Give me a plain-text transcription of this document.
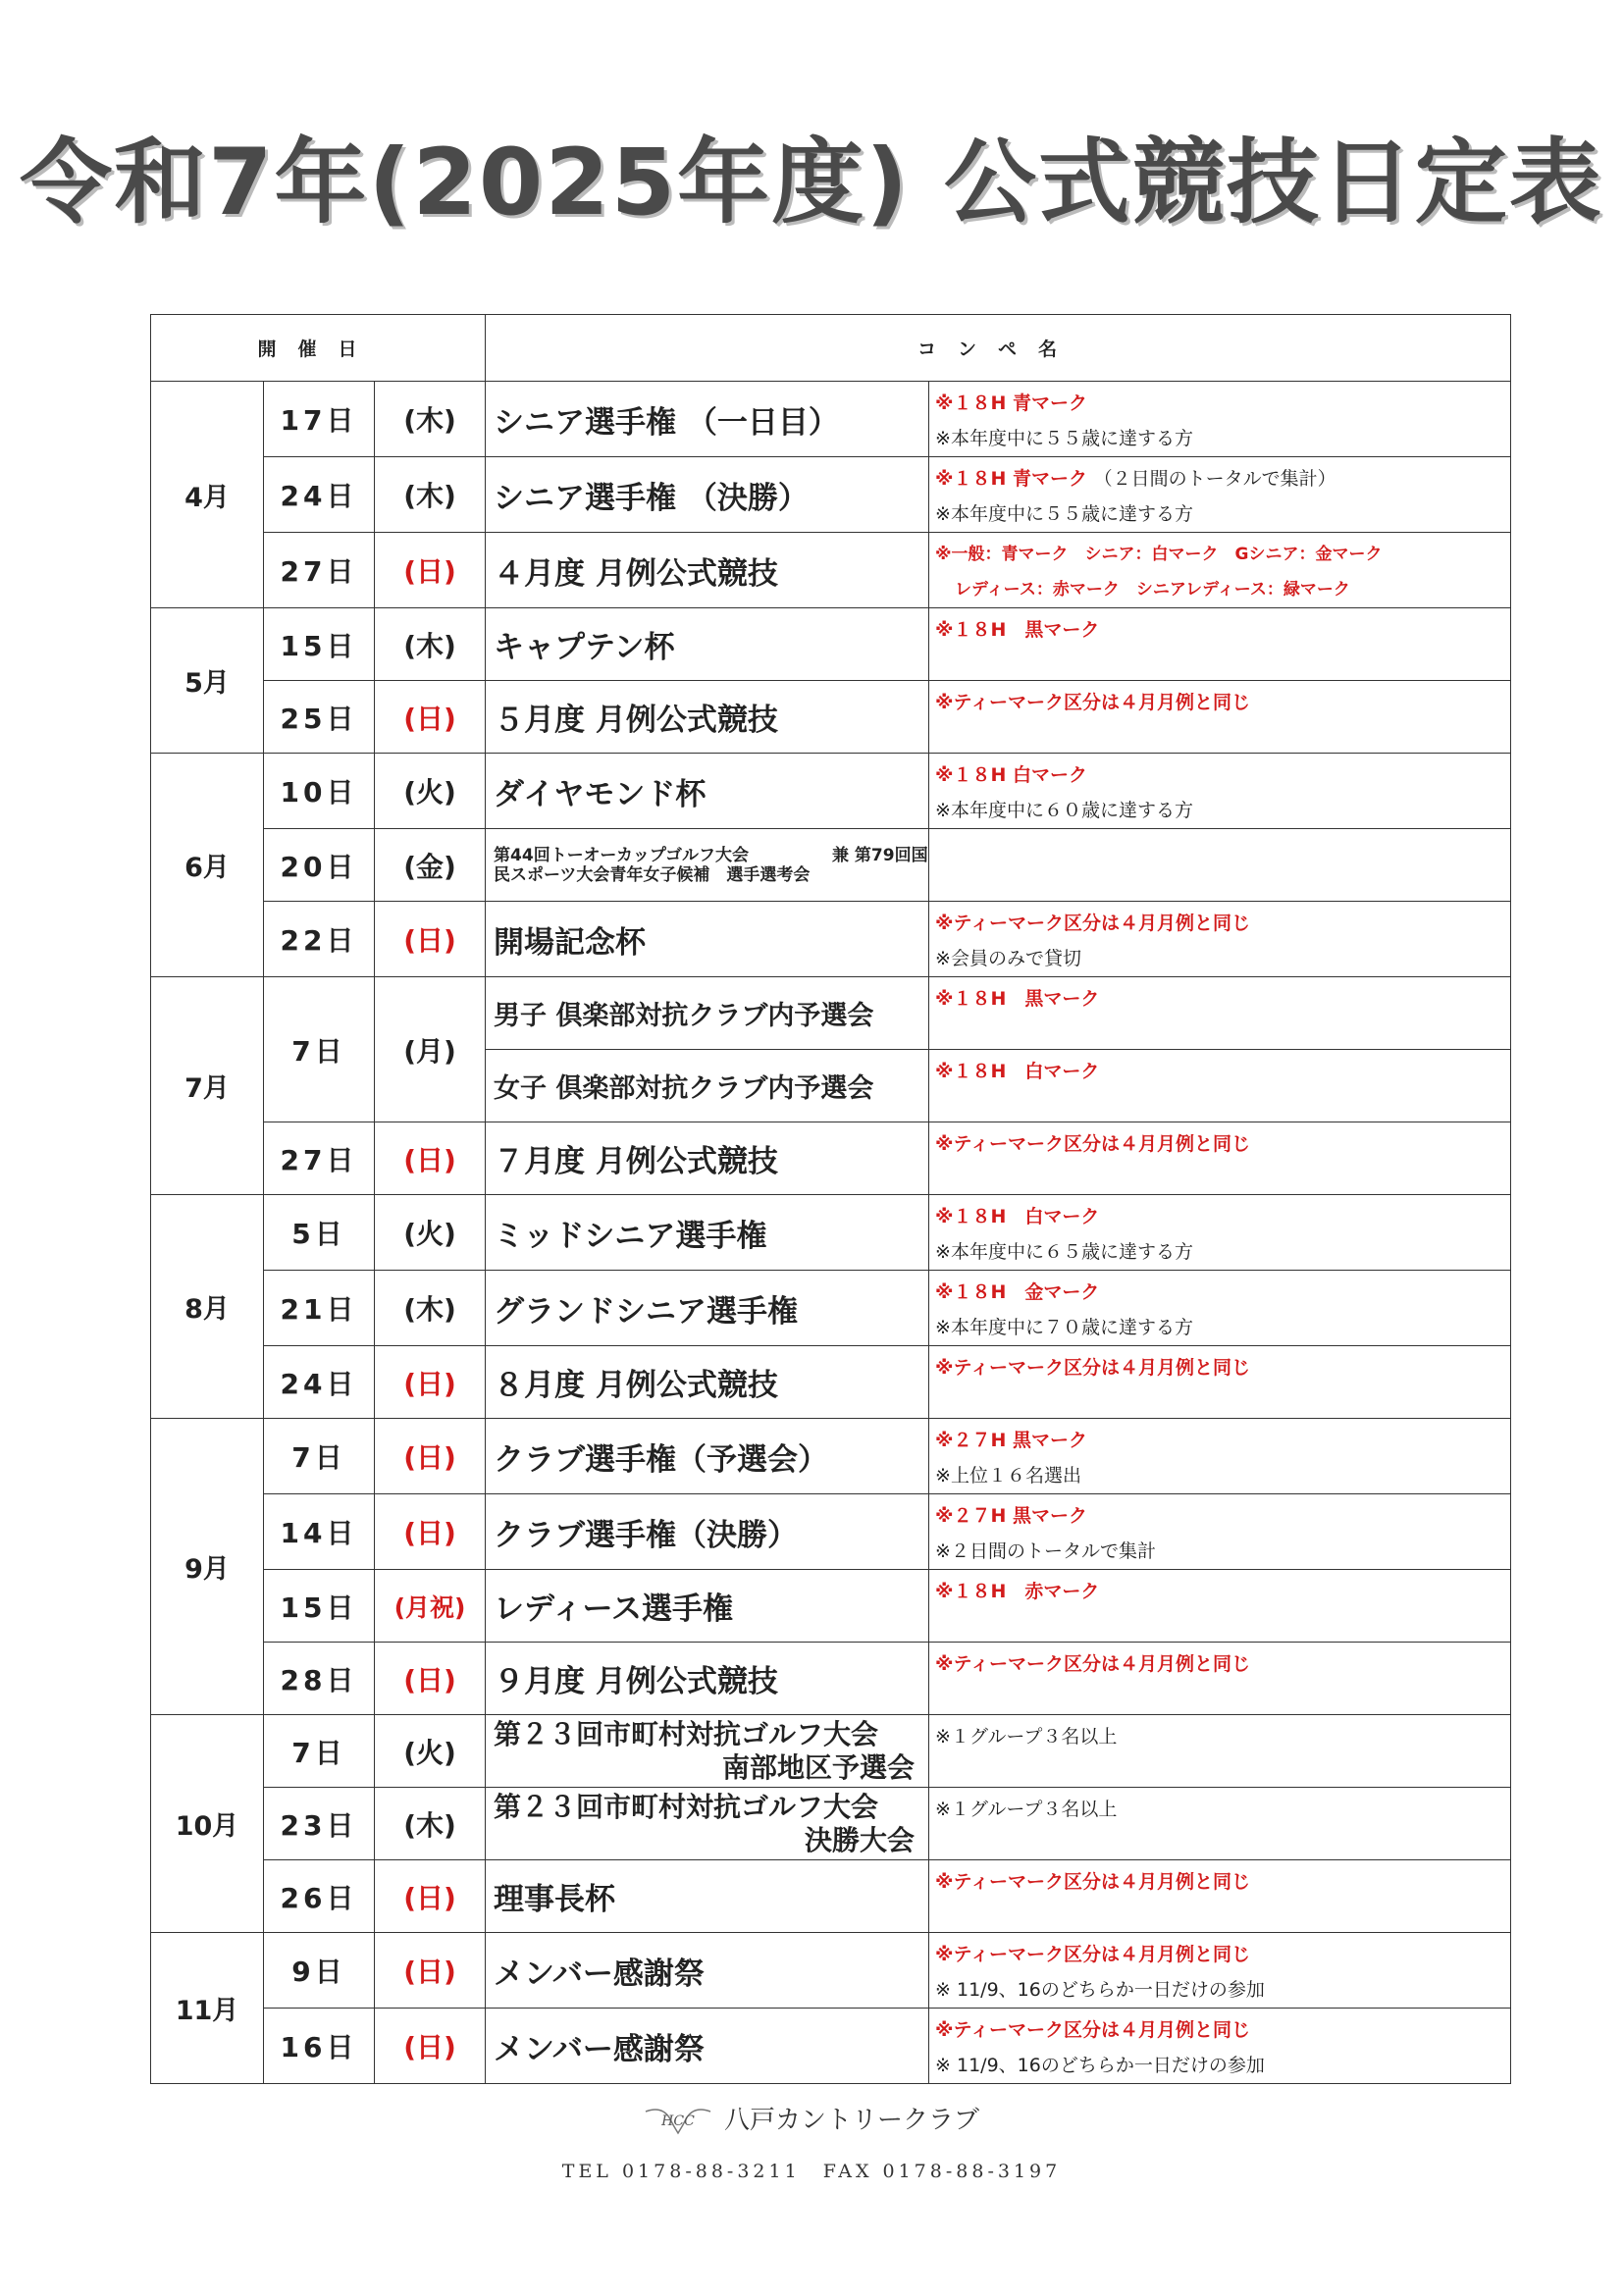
令和7年(2025年度) 公式競技日定表
開催日			コンペ名	
4月	17日	(木)	シニア選手権 （一日目）	※１８H 青マーク
※本年度中に５５歳に達する方

	24日	(木)	シニア選手権 （決勝）	※１８H 青マーク （２日間のトータルで集計）
※本年度中に５５歳に達する方

	27日	(日)	４月度 月例公式競技	※一般：青マーク　シニア：白マーク　Gシニア：金マーク
レディース：赤マーク　シニアレディース：緑マーク

5月	15日	(木)	キャプテン杯	※１８H　黒マーク

	25日	(日)	５月度 月例公式競技	※ティーマーク区分は４月月例と同じ

6月	10日	(火)	ダイヤモンド杯	※１８H 白マーク
※本年度中に６０歳に達する方

	20日	(金)	第44回トーオーカップゴルフ大会　　　　　兼 第79回国民スポーツ大会青年女子候補　選手選考会	
	22日	(日)	開場記念杯	※ティーマーク区分は４月月例と同じ
※会員のみで貸切

7月	7日	(月)	男子 倶楽部対抗クラブ内予選会	※１８H　黒マーク

			女子 倶楽部対抗クラブ内予選会	※１８H　白マーク

	27日	(日)	７月度 月例公式競技	※ティーマーク区分は４月月例と同じ

8月	5日	(火)	ミッドシニア選手権	※１８H　白マーク
※本年度中に６５歳に達する方

	21日	(木)	グランドシニア選手権	※１８H　金マーク
※本年度中に７０歳に達する方

	24日	(日)	８月度 月例公式競技	※ティーマーク区分は４月月例と同じ

9月	7日	(日)	クラブ選手権（予選会）	※２７H 黒マーク
※上位１６名選出

	14日	(日)	クラブ選手権（決勝）	※２７H 黒マーク
※２日間のトータルで集計

	15日	(月祝)	レディース選手権	※１８H　赤マーク

	28日	(日)	９月度 月例公式競技	※ティーマーク区分は４月月例と同じ

10月	7日	(火)	第２３回市町村対抗ゴルフ大会
南部地区予選会	※１グループ３名以上

	23日	(木)	第２３回市町村対抗ゴルフ大会
決勝大会	※１グループ３名以上

	26日	(日)	理事長杯	※ティーマーク区分は４月月例と同じ

11月	9日	(日)	メンバー感謝祭	※ティーマーク区分は４月月例と同じ
※ 11/9、16のどちらか一日だけの参加

	16日	(日)	メンバー感謝祭	※ティーマーク区分は４月月例と同じ
※ 11/9、16のどちらか一日だけの参加
HCC 八戸カントリークラブ
TEL 0178-88-3211　FAX 0178-88-3197
